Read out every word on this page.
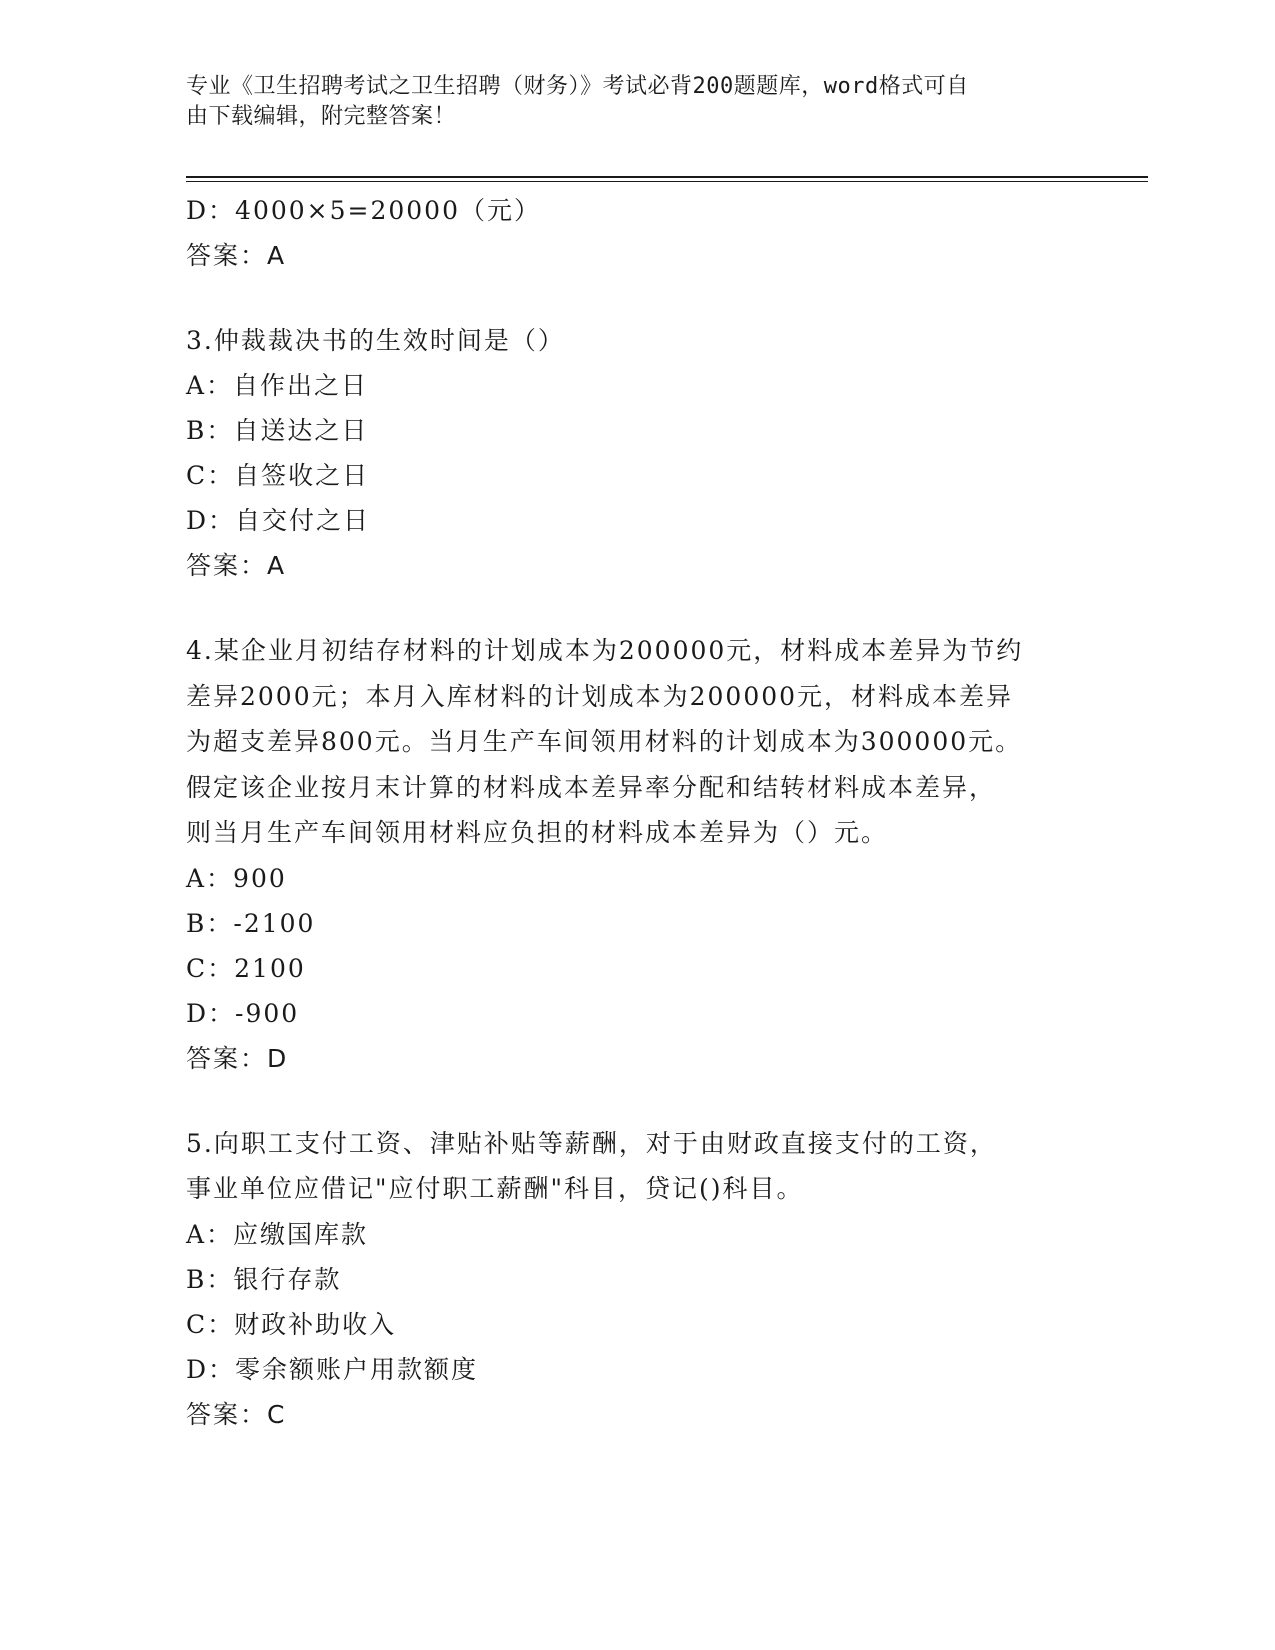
专业《卫生招聘考试之卫生招聘（财务）》考试必背200题题库，word格式可自
由下载编辑，附完整答案！
D：4000×5=20000（元）
答案：A
3.仲裁裁决书的生效时间是（）
A：自作出之日
B：自送达之日
C：自签收之日
D：自交付之日
答案：A
4.某企业月初结存材料的计划成本为200000元，材料成本差异为节约
差异2000元；本月入库材料的计划成本为200000元，材料成本差异
为超支差异800元。当月生产车间领用材料的计划成本为300000元。
假定该企业按月末计算的材料成本差异率分配和结转材料成本差异，
则当月生产车间领用材料应负担的材料成本差异为（）元。
A：900
B：-2100
C：2100
D：-900
答案：D
5.向职工支付工资、津贴补贴等薪酬，对于由财政直接支付的工资，
事业单位应借记"应付职工薪酬"科目，贷记()科目。
A：应缴国库款
B：银行存款
C：财政补助收入
D：零余额账户用款额度
答案：C
